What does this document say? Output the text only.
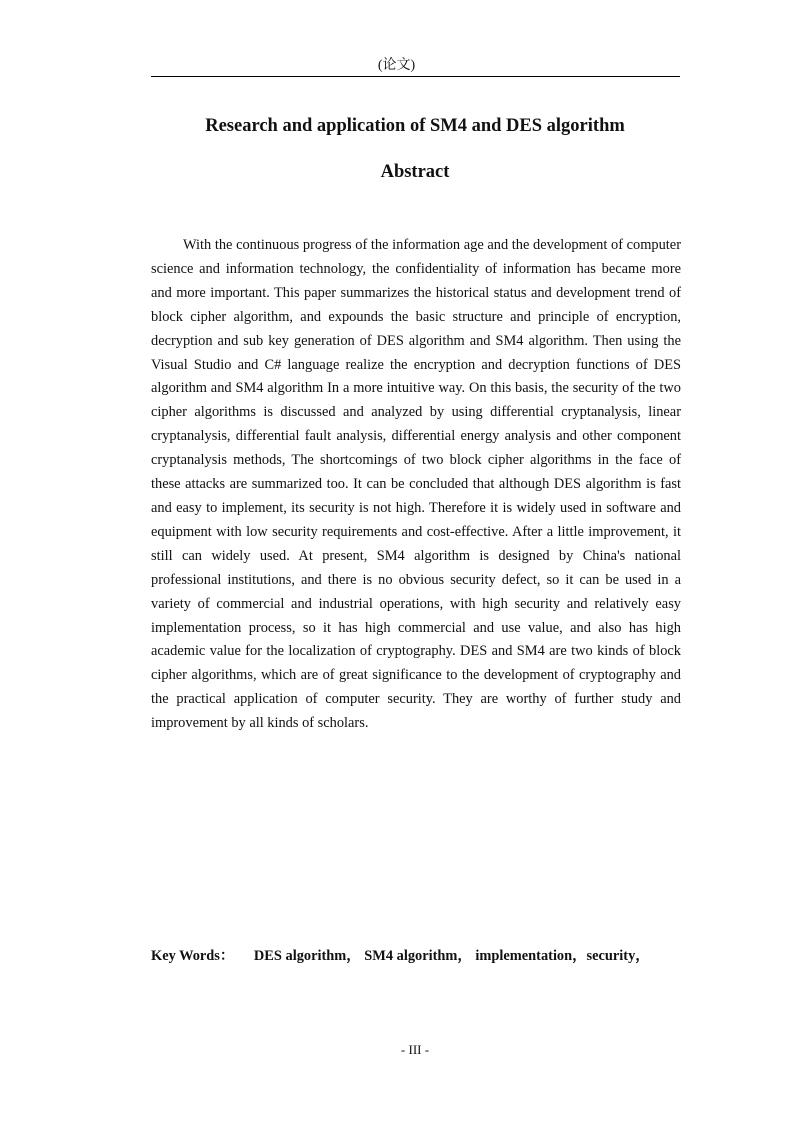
(论文)
Research and application of SM4 and DES algorithm
Abstract

With the continuous progress of the information age and the development of computer science and information technology, the confidentiality of information has became more and more important. This paper summarizes the historical status and development trend of block cipher algorithm, and expounds the basic structure and principle of encryption, decryption and sub key generation of DES algorithm and SM4 algorithm. Then using the Visual Studio and C# language realize the encryption and decryption functions of DES algorithm and SM4 algorithm In a more intuitive way. On this basis, the security of the two cipher algorithms is discussed and analyzed by using differential cryptanalysis, linear cryptanalysis, differential fault analysis, differential energy analysis and other component cryptanalysis methods, The shortcomings of two block cipher algorithms in the face of these attacks are summarized too. It can be concluded that although DES algorithm is fast and easy to implement, its security is not high. Therefore it is widely used in software and equipment with low security requirements and cost-effective. After a little improvement, it still can widely used. At present, SM4 algorithm is designed by China's national professional institutions, and there is no obvious security defect, so it can be used in a variety of commercial and industrial operations, with high security and relatively easy implementation process, so it has high commercial and use value, and also has high academic value for the localization of cryptography. DES and SM4 are two kinds of block cipher algorithms, which are of great significance to the development of cryptography and the practical application of computer security. They are worthy of further study and improvement by all kinds of scholars.

Key Words： DES algorithm， SM4 algorithm， implementation，security，
- III -
